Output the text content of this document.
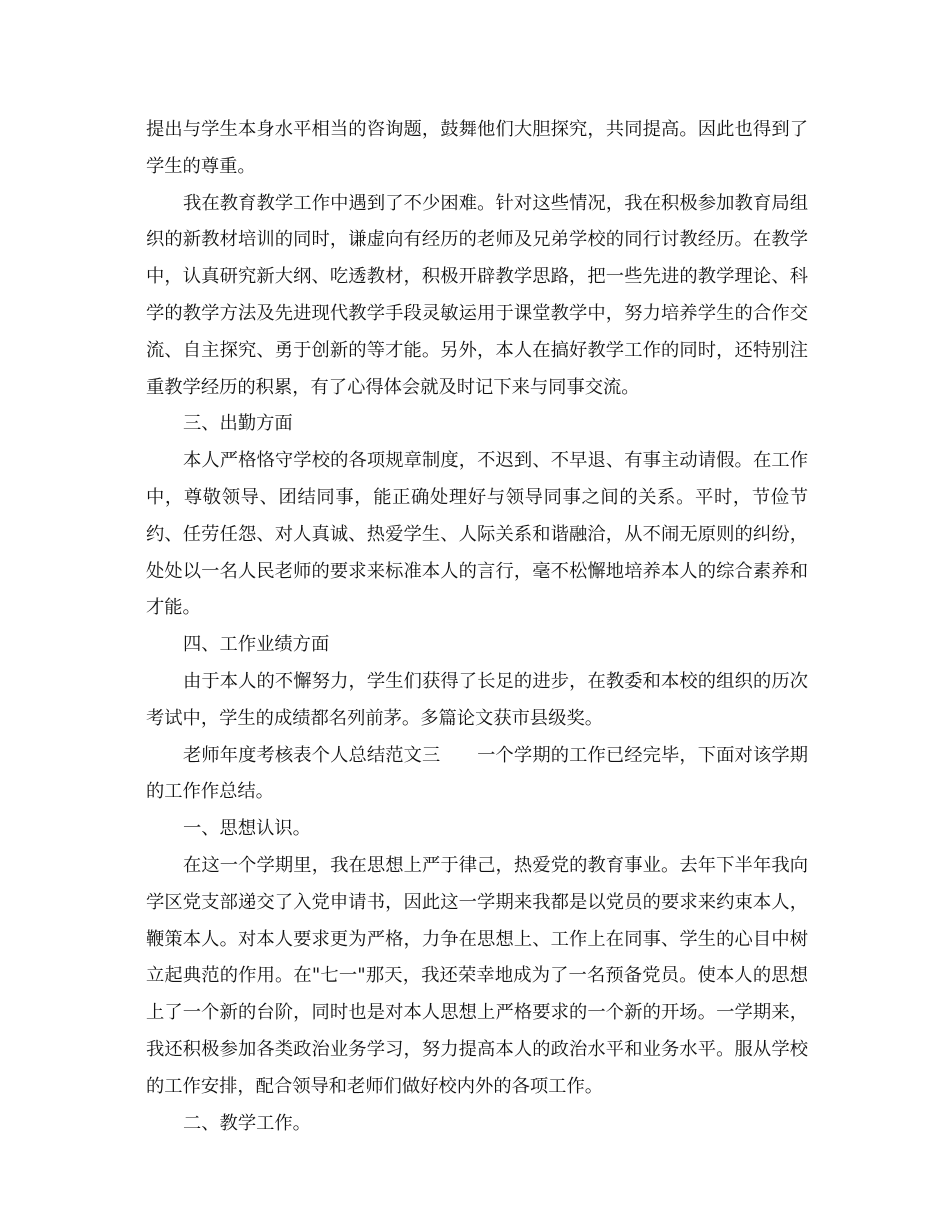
提出与学生本身水平相当的咨询题，鼓舞他们大胆探究，共同提高。因此也得到了学生的尊重。

我在教育教学工作中遇到了不少困难。针对这些情况，我在积极参加教育局组织的新教材培训的同时，谦虚向有经历的老师及兄弟学校的同行讨教经历。在教学中，认真研究新大纲、吃透教材，积极开辟教学思路，把一些先进的教学理论、科学的教学方法及先进现代教学手段灵敏运用于课堂教学中，努力培养学生的合作交流、自主探究、勇于创新的等才能。另外，本人在搞好教学工作的同时，还特别注重教学经历的积累，有了心得体会就及时记下来与同事交流。

三、出勤方面

本人严格恪守学校的各项规章制度，不迟到、不早退、有事主动请假。在工作中，尊敬领导、团结同事，能正确处理好与领导同事之间的关系。平时，节俭节约、任劳任怨、对人真诚、热爱学生、人际关系和谐融洽，从不闹无原则的纠纷，处处以一名人民老师的要求来标准本人的言行，毫不松懈地培养本人的综合素养和才能。

四、工作业绩方面

由于本人的不懈努力，学生们获得了长足的进步，在教委和本校的组织的历次考试中，学生的成绩都名列前茅。多篇论文获市县级奖。

老师年度考核表个人总结范文三　　一个学期的工作已经完毕，下面对该学期的工作作总结。

一、思想认识。

在这一个学期里，我在思想上严于律己，热爱党的教育事业。去年下半年我向学区党支部递交了入党申请书，因此这一学期来我都是以党员的要求来约束本人，鞭策本人。对本人要求更为严格，力争在思想上、工作上在同事、学生的心目中树立起典范的作用。在"七一"那天，我还荣幸地成为了一名预备党员。使本人的思想上了一个新的台阶，同时也是对本人思想上严格要求的一个新的开场。一学期来，我还积极参加各类政治业务学习，努力提高本人的政治水平和业务水平。服从学校的工作安排，配合领导和老师们做好校内外的各项工作。

二、教学工作。
